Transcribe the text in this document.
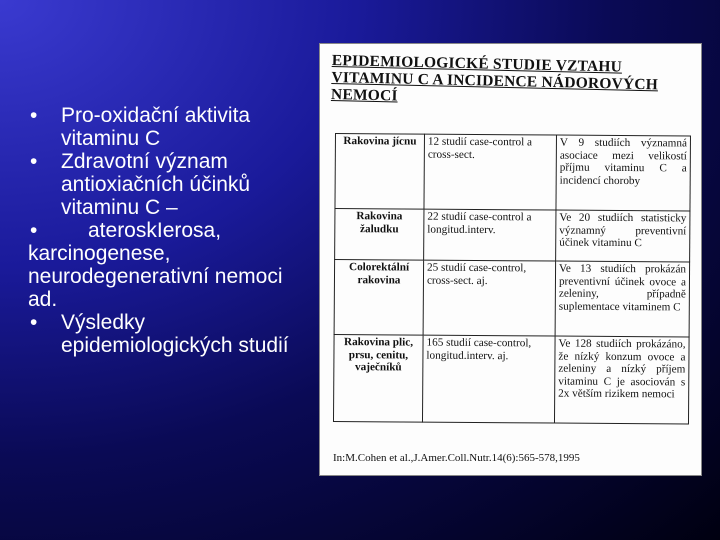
• Pro-oxidační aktivita vitaminu C
• Zdravotní význam antioxiačních účinků vitaminu C –
•	ateroskIerosa, karcinogenese, neurodegenerativní nemoci ad.
• Výsledky epidemiologických studií
EPIDEMIOLOGICKÉ STUDIE VZTAHU VITAMINU C A INCIDENCE NÁDOROVÝCH NEMOCÍ
Rakovina jícnu	12 studií case-control a cross-sect.	V 9 studiích významná asociace mezi velikostí příjmu vitaminu C a incidencí choroby
Rakovina žaludku	22 studií case-control a longitud.interv.	Ve 20 studiích statisticky významný preventivní účinek vitaminu C
Colorektální rakovina	25 studií case-control, cross-sect. aj.	Ve 13 studiích prokázán preventivní účinek ovoce a zeleniny, případně suplementace vitaminem C
Rakovina plic, prsu, cenitu, vaječníků	165 studií case-control, longitud.interv. aj.	Ve 128 studiích prokázáno, že nízký konzum ovoce a zeleniny a nízký příjem vitaminu C je asociován s 2x větším rizikem nemoci
In:M.Cohen et al.,J.Amer.Coll.Nutr.14(6):565-578,1995
